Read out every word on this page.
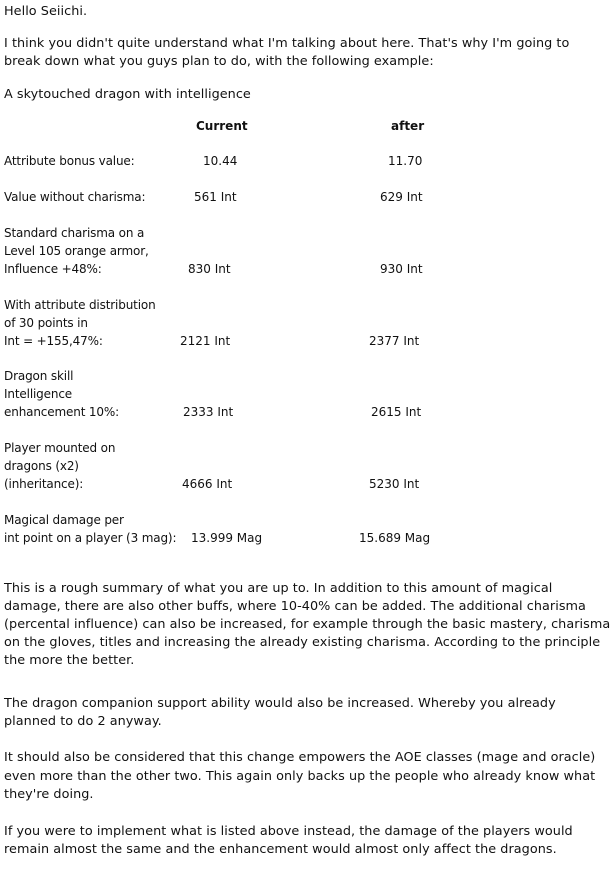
Hello Seiichi.
I think you didn't quite understand what I'm talking about here. That's why I'm going to
break down what you guys plan to do, with the following example:
A skytouched dragon with intelligence
Current	after
Attribute bonus value:	10.44	11.70
Value without charisma:	561 Int	629 Int
Standard charisma on a
Level 105 orange armor,
Influence +48%:	830 Int	930 Int
With attribute distribution
of 30 points in
Int = +155,47%:	2121 Int	2377 Int
Dragon skill
Intelligence
enhancement 10%:	2333 Int	2615 Int
Player mounted on
dragons (x2)
(inheritance):	4666 Int	5230 Int
Magical damage per
int point on a player (3 mag): 13.999 Mag	15.689 Mag
This is a rough summary of what you are up to. In addition to this amount of magical
damage, there are also other buffs, where 10-40% can be added. The additional charisma
(percental influence) can also be increased, for example through the basic mastery, charisma
on the gloves, titles and increasing the already existing charisma. According to the principle
the more the better.
The dragon companion support ability would also be increased. Whereby you already
planned to do 2 anyway.
It should also be considered that this change empowers the AOE classes (mage and oracle)
even more than the other two. This again only backs up the people who already know what
they're doing.
If you were to implement what is listed above instead, the damage of the players would
remain almost the same and the enhancement would almost only affect the dragons.
